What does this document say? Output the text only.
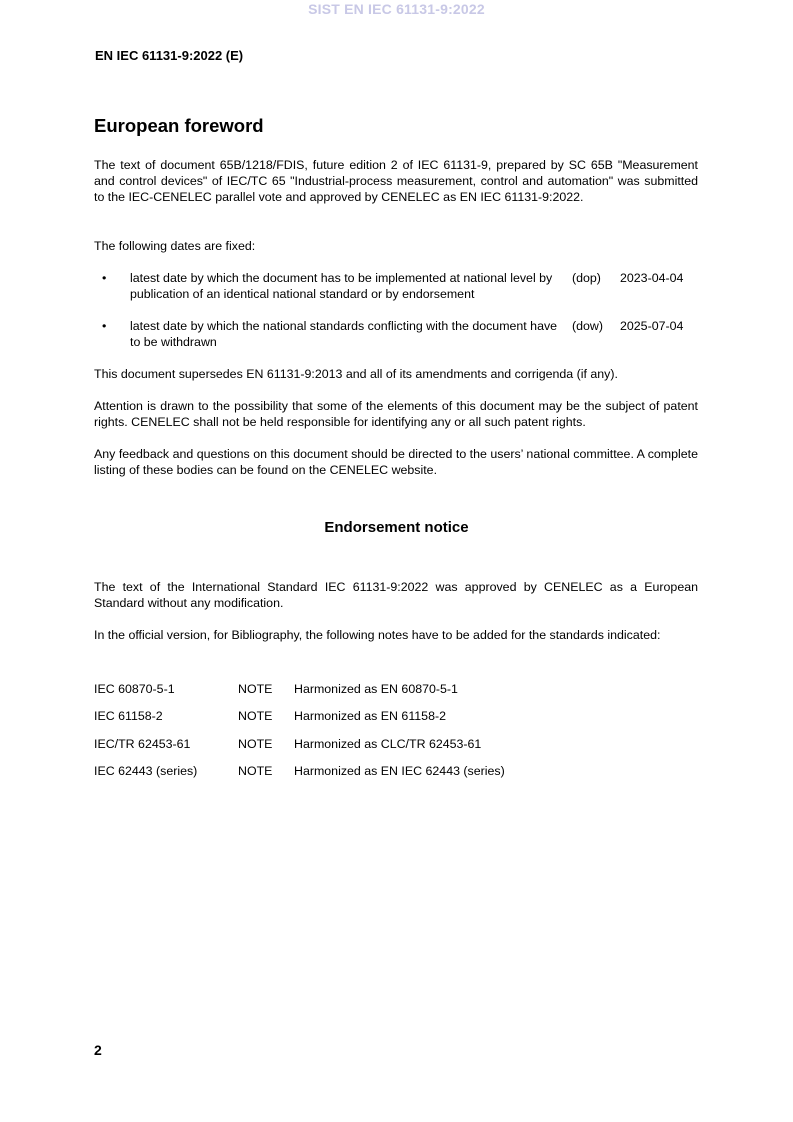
SIST EN IEC 61131-9:2022
EN IEC 61131-9:2022 (E)
European foreword

The text of document 65B/1218/FDIS, future edition 2 of IEC 61131-9, prepared by SC 65B "Measurement and control devices" of IEC/TC 65 "Industrial-process measurement, control and automation" was submitted to the IEC-CENELEC parallel vote and approved by CENELEC as EN IEC 61131-9:2022.

The following dates are fixed:

• latest date by which the document has to be implemented at national level by publication of an identical national standard or by endorsement
(dop) 2023-04-04
• latest date by which the national standards conflicting with the document have to be withdrawn
(dow) 2025-07-04

This document supersedes EN 61131-9:2013 and all of its amendments and corrigenda (if any).

Attention is drawn to the possibility that some of the elements of this document may be the subject of patent rights. CENELEC shall not be held responsible for identifying any or all such patent rights.

Any feedback and questions on this document should be directed to the users’ national committee. A complete listing of these bodies can be found on the CENELEC website.

Endorsement notice

The text of the International Standard IEC 61131-9:2022 was approved by CENELEC as a European Standard without any modification.

In the official version, for Bibliography, the following notes have to be added for the standards indicated:

IEC 60870-5-1	NOTE Harmonized as EN 60870-5-1
IEC 61158-2	NOTE Harmonized as EN 61158-2
IEC/TR 62453-61	NOTE Harmonized as CLC/TR 62453-61
IEC 62443 (series)	NOTE Harmonized as EN IEC 62443 (series)
2
